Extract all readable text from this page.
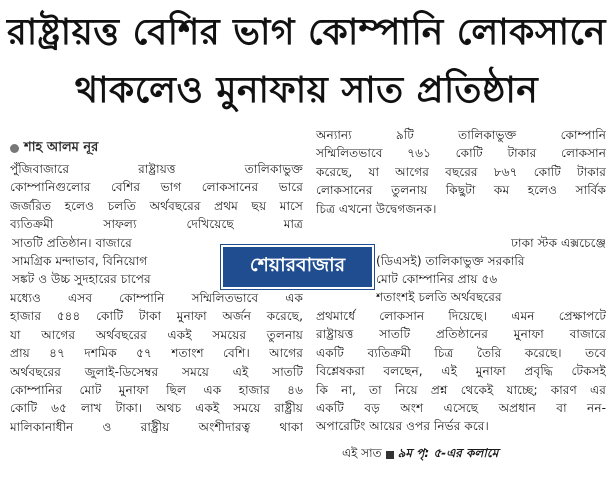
রাষ্ট্রায়ত্ত বেশির ভাগ কোম্পানি লোকসানে
থাকলেও মুনাফায় সাত প্রতিষ্ঠান
শাহ আলম নূর
পুঁজিবাজারে রাষ্ট্রায়ত্ত তালিকাভুক্ত
কোম্পানিগুলোর বেশির ভাগ লোকসানের ভারে
জর্জরিত হলেও চলতি অর্থবছরের প্রথম ছয় মাসে
ব্যতিক্রমী সাফল্য দেখিয়েছে মাত্র
সাতটি প্রতিষ্ঠান। বাজারে
সামগ্রিক মন্দাভাব, বিনিয়োগ
সঙ্কট ও উচ্চ সুদহারের চাপের
মধ্যেও এসব কোম্পানি সম্মিলিতভাবে এক
হাজার ৫৪৪ কোটি টাকা মুনাফা অর্জন করেছে,
যা আগের অর্থবছরের একই সময়ের তুলনায়
প্রায় ৪৭ দশমিক ৫৭ শতাংশ বেশি। আগের
অর্থবছরের জুলাই-ডিসেম্বর সময়ে এই সাতটি
কোম্পানির মোট মুনাফা ছিল এক হাজার ৪৬
কোটি ৬৫ লাখ টাকা। অথচ একই সময়ে রাষ্ট্রীয়
মালিকানাধীন ও রাষ্ট্রীয় অংশীদারত্ব থাকা
শেয়ারবাজার
অন্যান্য ৯টি তালিকাভুক্ত কোম্পানি
সম্মিলিতভাবে ৭৬১ কোটি টাকার লোকসান
করেছে, যা আগের বছরের ৮৬৭ কোটি টাকার
লোকসানের তুলনায় কিছুটা কম হলেও সার্বিক
চিত্র এখনো উদ্বেগজনক।
ঢাকা স্টক এক্সচেঞ্জে
(ডিএসই) তালিকাভুক্ত সরকারি
মোট কোম্পানির প্রায় ৫৬
শতাংশই চলতি অর্থবছরের
প্রথমার্ধে লোকসান দিয়েছে। এমন প্রেক্ষাপটে
রাষ্ট্রায়ত্ত সাতটি প্রতিষ্ঠানের মুনাফা বাজারে
একটি ব্যতিক্রমী চিত্র তৈরি করেছে। তবে
বিশ্লেষকরা বলছেন, এই মুনাফা প্রবৃদ্ধি টেকসই
কি না, তা নিয়ে প্রশ্ন থেকেই যাচ্ছে; কারণ এর
একটি বড় অংশ এসেছে অপ্রধান বা নন-
অপারেটিং আয়ের ওপর নির্ভর করে।
এই সাত ৯ম পৃ: ৫-এর কলামে
